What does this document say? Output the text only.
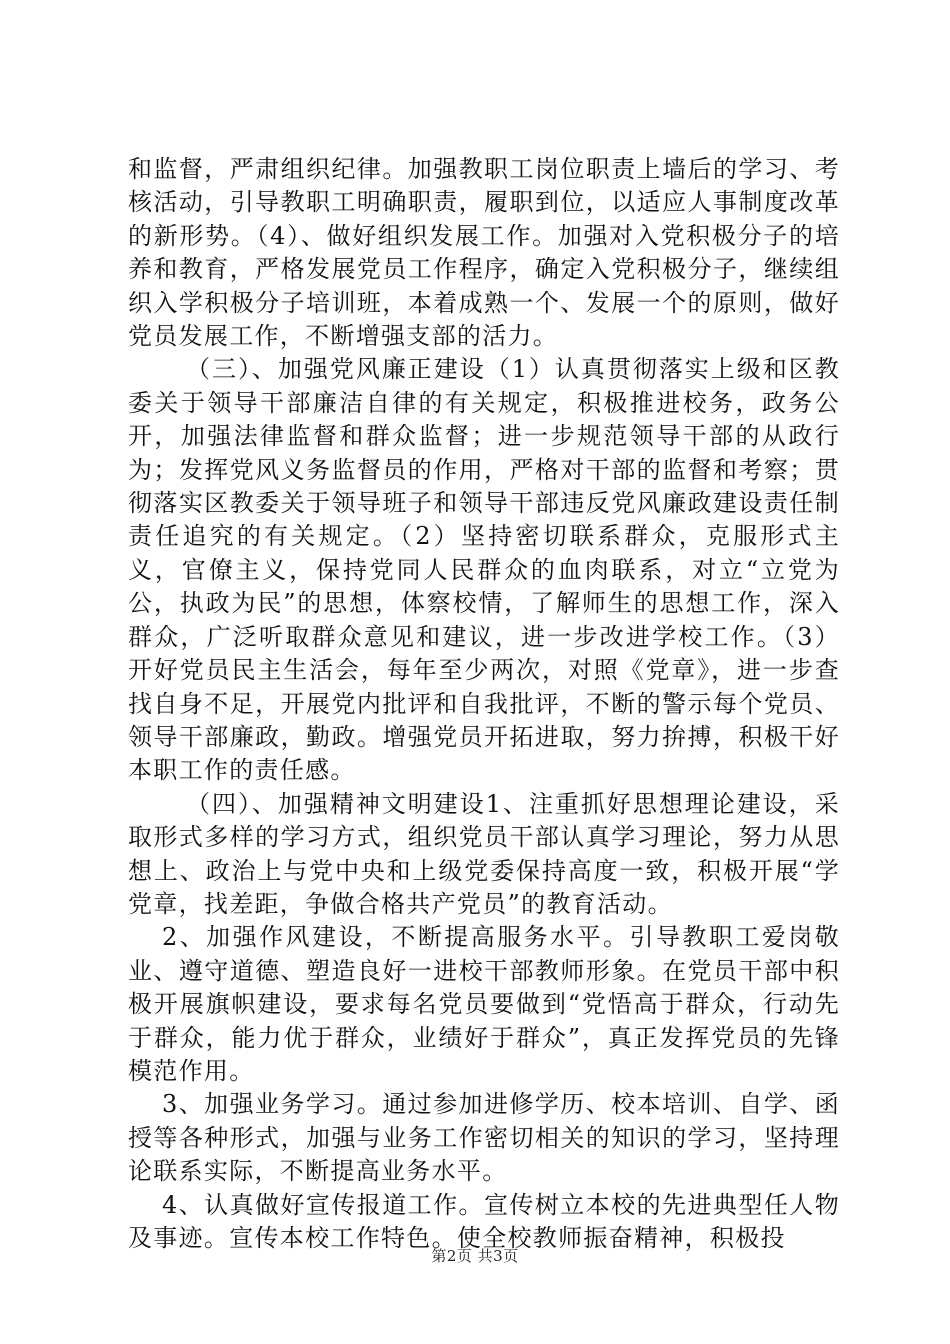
和监督，严肃组织纪律。加强教职工岗位职责上墙后的学习、考核活动，引导教职工明确职责，履职到位，以适应人事制度改革的新形势。（4）、做好组织发展工作。加强对入党积极分子的培养和教育，严格发展党员工作程序，确定入党积极分子，继续组织入学积极分子培训班，本着成熟一个、发展一个的原则，做好党员发展工作，不断增强支部的活力。

（三）、加强党风廉正建设（1）认真贯彻落实上级和区教委关于领导干部廉洁自律的有关规定，积极推进校务，政务公开，加强法律监督和群众监督；进一步规范领导干部的从政行为；发挥党风义务监督员的作用，严格对干部的监督和考察；贯彻落实区教委关于领导班子和领导干部违反党风廉政建设责任制责任追究的有关规定。（2）坚持密切联系群众，克服形式主义，官僚主义，保持党同人民群众的血肉联系，对立“立党为公，执政为民”的思想，体察校情，了解师生的思想工作，深入群众，广泛听取群众意见和建议，进一步改进学校工作。（3）开好党员民主生活会，每年至少两次，对照《党章》，进一步查找自身不足，开展党内批评和自我批评，不断的警示每个党员、领导干部廉政，勤政。增强党员开拓进取，努力拚搏，积极干好本职工作的责任感。

（四）、加强精神文明建设1、注重抓好思想理论建设，采取形式多样的学习方式，组织党员干部认真学习理论，努力从思想上、政治上与党中央和上级党委保持高度一致，积极开展“学党章，找差距，争做合格共产党员”的教育活动。

2、加强作风建设，不断提高服务水平。引导教职工爱岗敬业、遵守道德、塑造良好一进校干部教师形象。在党员干部中积极开展旗帜建设，要求每名党员要做到“党悟高于群众，行动先于群众，能力优于群众，业绩好于群众”，真正发挥党员的先锋模范作用。

3、加强业务学习。通过参加进修学历、校本培训、自学、函授等各种形式，加强与业务工作密切相关的知识的学习，坚持理论联系实际，不断提高业务水平。

4、认真做好宣传报道工作。宣传树立本校的先进典型任人物及事迹。宣传本校工作特色。使全校教师振奋精神，积极投

第2页 共3页
